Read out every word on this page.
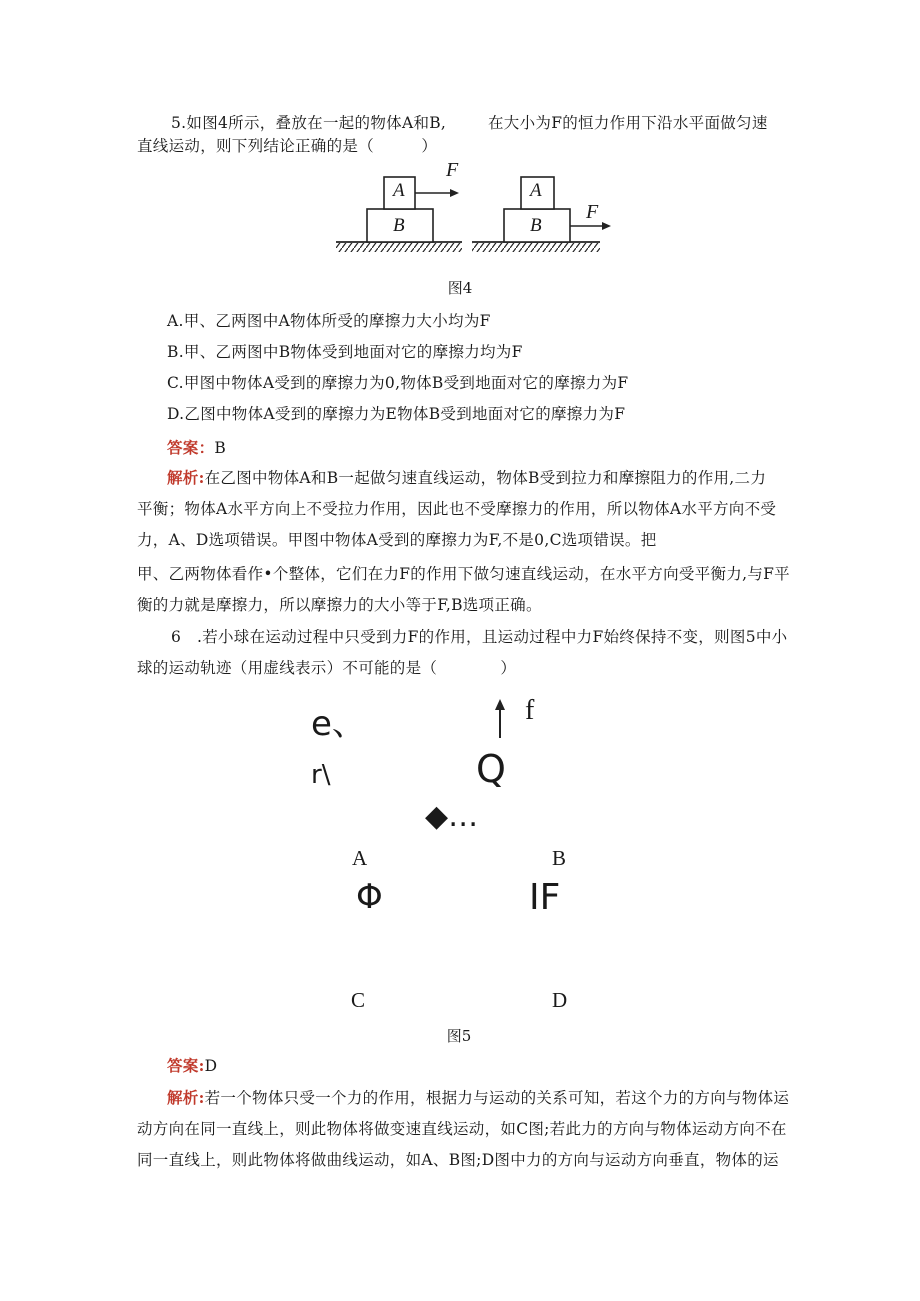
5.如图4所示，叠放在一起的物体A和B,	在大小为F的恒力作用下沿水平面做匀速
直线运动，则下列结论正确的是（　　　）
A
B
F
A
B
F
图4
A.甲、乙两图中A物体所受的摩擦力大小均为F
B.甲、乙两图中B物体受到地面对它的摩擦力均为F
C.甲图中物体A受到的摩擦力为0,物体B受到地面对它的摩擦力为F
D.乙图中物体A受到的摩擦力为E物体B受到地面对它的摩擦力为F
答案：B
解析:在乙图中物体A和B一起做匀速直线运动，物体B受到拉力和摩擦阻力的作用,二力
平衡；物体A水平方向上不受拉力作用，因此也不受摩擦力的作用，所以物体A水平方向不受
力，A、D选项错误。甲图中物体A受到的摩擦力为F,不是0,C选项错误。把
甲、乙两物体看作•个整体，它们在力F的作用下做匀速直线运动，在水平方向受平衡力,与F平
衡的力就是摩擦力，所以摩擦力的大小等于F,B选项正确。
6　.若小球在运动过程中只受到力F的作用，且运动过程中力F始终保持不变，则图5中小
球的运动轨迹（用虚线表示）不可能的是（　　　　）
e、
r\
f
Q
◆…
A	B
Φ	IF
C	D
图5
答案:D
解析:若一个物体只受一个力的作用，根据力与运动的关系可知，若这个力的方向与物体运
动方向在同一直线上，则此物体将做变速直线运动，如C图;若此力的方向与物体运动方向不在
同一直线上，则此物体将做曲线运动，如A、B图;D图中力的方向与运动方向垂直，物体的运
